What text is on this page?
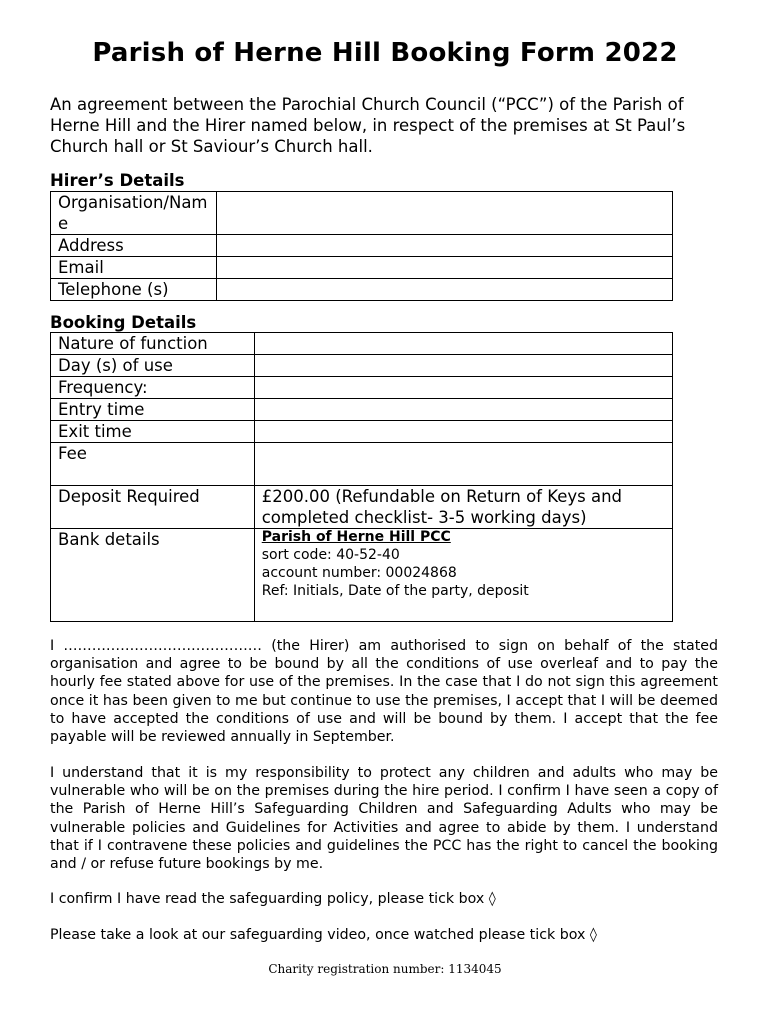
Parish of Herne Hill Booking Form 2022
An agreement between the Parochial Church Council (“PCC”) of the Parish of Herne Hill and the Hirer named below, in respect of the premises at St Paul’s Church hall or St Saviour’s Church hall.
Hirer’s Details
Organisation/Name	
Address	
Email	
Telephone (s)	
Booking Details
Nature of function	
Day (s) of use	
Frequency:	
Entry time	
Exit time	
Fee	
Deposit Required	£200.00 (Refundable on Return of Keys and completed checklist- 3-5 working days)
Bank details	Parish of Herne Hill PCC
sort code: 40-52-40
account number: 00024868
Ref: Initials, Date of the party, deposit
I …………………………………… (the Hirer) am authorised to sign on behalf of the stated organisation and agree to be bound by all the conditions of use overleaf and to pay the hourly fee stated above for use of the premises. In the case that I do not sign this agreement once it has been given to me but continue to use the premises, I accept that I will be deemed to have accepted the conditions of use and will be bound by them. I accept that the fee payable will be reviewed annually in September.
I understand that it is my responsibility to protect any children and adults who may be vulnerable who will be on the premises during the hire period. I confirm I have seen a copy of the Parish of Herne Hill’s Safeguarding Children and Safeguarding Adults who may be vulnerable policies and Guidelines for Activities and agree to abide by them. I understand that if I contravene these policies and guidelines the PCC has the right to cancel the booking and / or refuse future bookings by me.
I confirm I have read the safeguarding policy, please tick box ◊
Please take a look at our safeguarding video, once watched please tick box ◊
Charity registration number: 1134045
